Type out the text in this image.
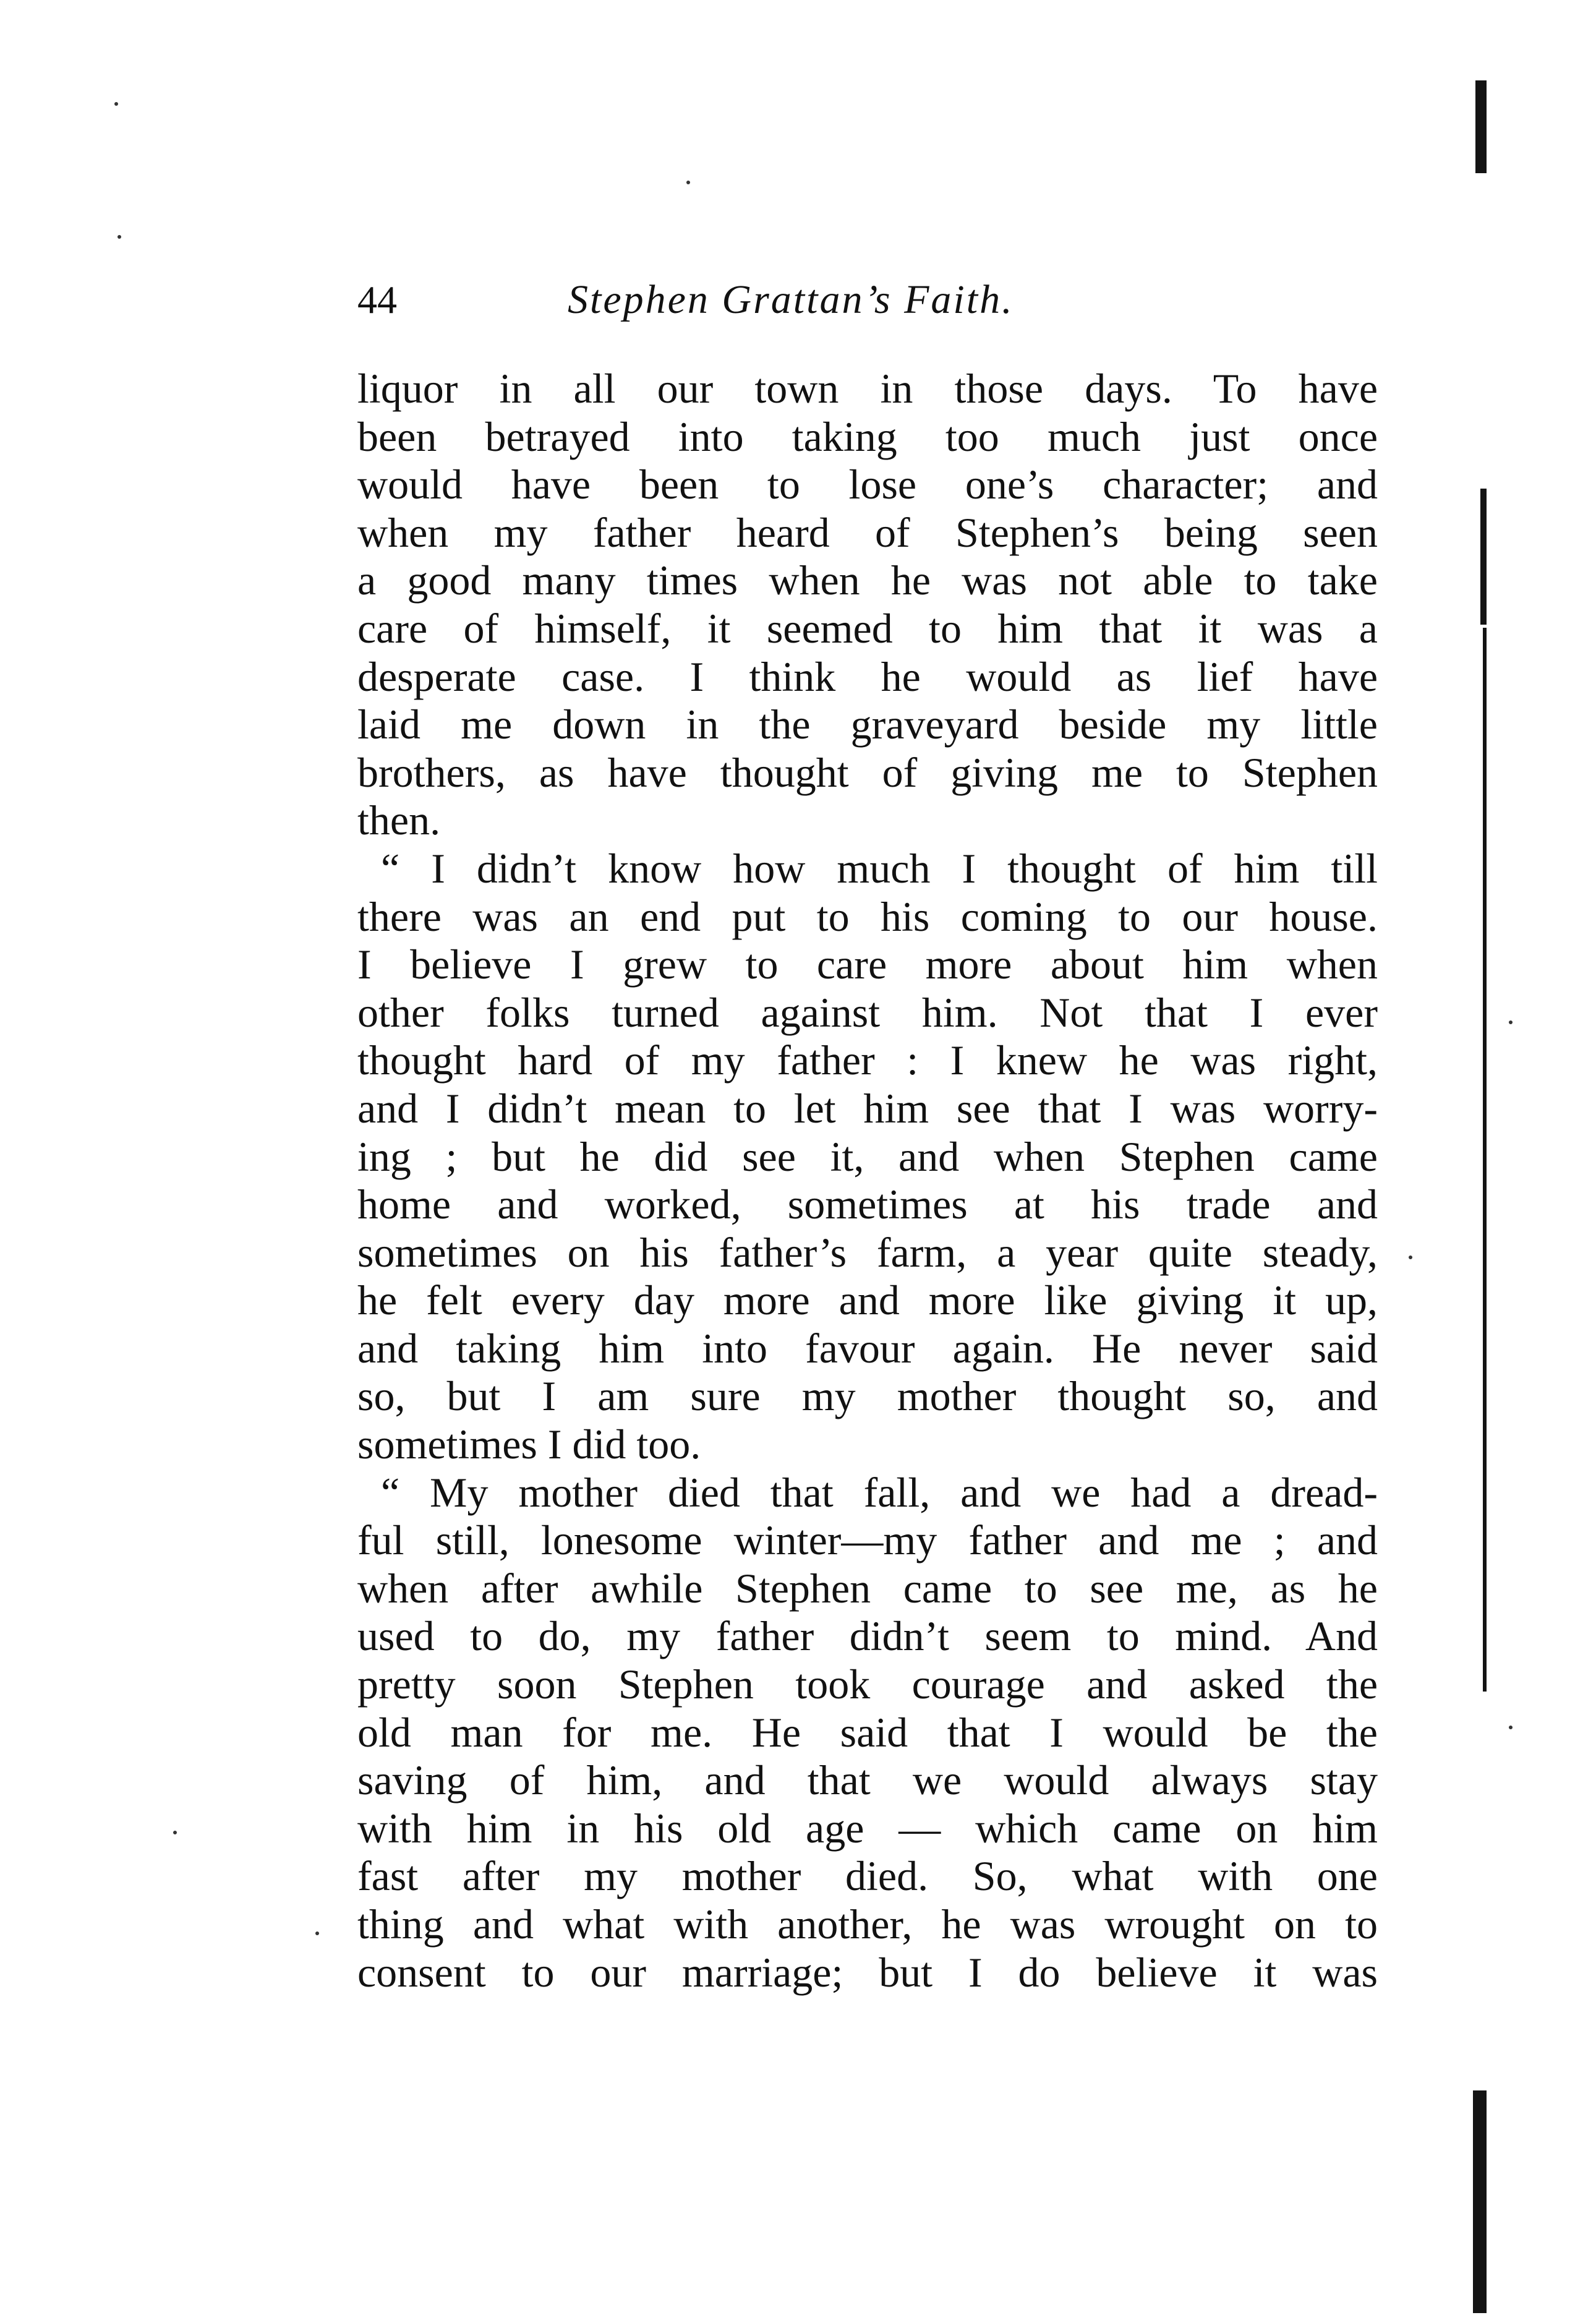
44	Stephen Grattan’s Faith.
liquor in all our town in those days. To have
been betrayed into taking too much just once
would have been to lose one’s character; and
when my father heard of Stephen’s being seen
a good many times when he was not able to take
care of himself, it seemed to him that it was a
desperate case. I think he would as lief have
laid me down in the graveyard beside my little
brothers, as have thought of giving me to Stephen
then.
“ I didn’t know how much I thought of him till
there was an end put to his coming to our house.
I believe I grew to care more about him when
other folks turned against him. Not that I ever
thought hard of my father : I knew he was right,
and I didn’t mean to let him see that I was worry-
ing ; but he did see it, and when Stephen came
home and worked, sometimes at his trade and
sometimes on his father’s farm, a year quite steady,
he felt every day more and more like giving it up,
and taking him into favour again. He never said
so, but I am sure my mother thought so, and
sometimes I did too.
“ My mother died that fall, and we had a dread-
ful still, lonesome winter—my father and me ; and
when after awhile Stephen came to see me, as he
used to do, my father didn’t seem to mind. And
pretty soon Stephen took courage and asked the
old man for me. He said that I would be the
saving of him, and that we would always stay
with him in his old age — which came on him
fast after my mother died. So, what with one
thing and what with another, he was wrought on to
consent to our marriage; but I do believe it was
